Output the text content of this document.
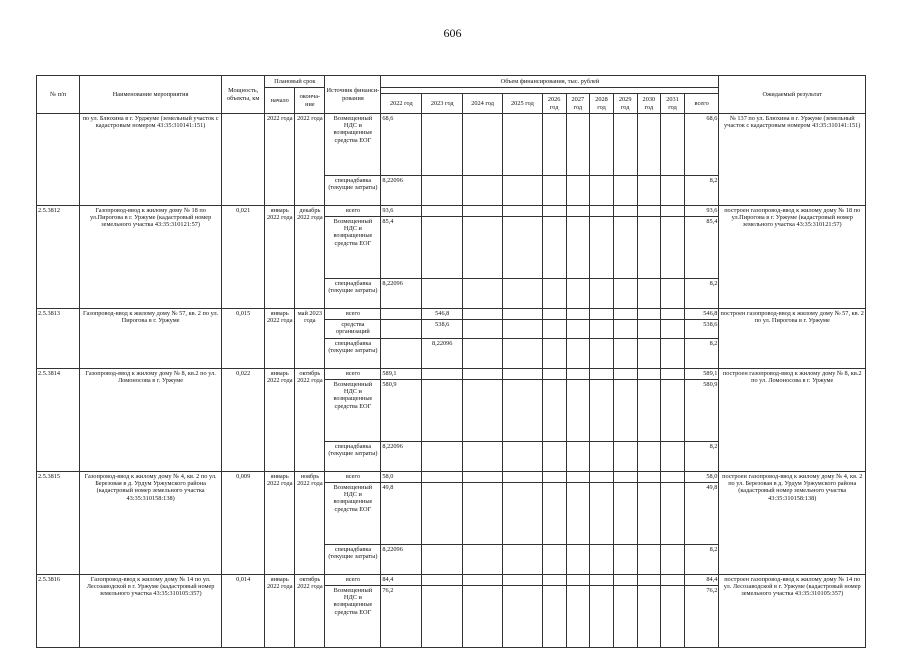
606
№ п/п	Наименование мероприятия	Мощность, объекты, км	Плановый срок		Источник финанси-рования	Объем финансирования, тыс. рублей											Ожидаемый результат
			начало	оконча-ние													
						2022 год	2023 год	2024 год	2025 год	2026 год	2027 год	2028 год	2029 год	2030 год	2031 год	всего	
	по ул. Блюхина в г. Урджуме (земельный участок с кадастровым номером 43:35:310141:151)		2022 года	2022 года	Возмещенный НДС и возвращенные средства ЕОГ	68,6										68,6	№ 137 по ул. Блюхина в г. Уржуме (земельный участок с кадастровым номером 43:35:310141:151)
					спецнадбавка (текущие затраты)	8,22096										8,2	
2.5.3812	Газопровод-ввод к жилому дому № 18 по ул.Пирогова в г. Уржуме (кадастровый номер земельного участка 43:35:310121:57)	0,021	январь 2022 года	декабрь 2022 года	всего	93,6										93,6	построен газопровод-ввод к жилому дому № 18 по ул.Пирогова в г. Уржуме (кадастровый номер земельного участка 43:35:310121:57)
					Возмещенный НДС и возвращенные средства ЕОГ	85,4										85,4	
					спецнадбавка (текущие затраты)	8,22096										8,2	
2.5.3813	Газопровод-ввод к жилому дому № 57, кв. 2 по ул. Пирогова в г. Уржуме	0,015	январь 2022 года	май 2023 года	всего		546,8									546,8	построен газопровод-ввод к жилому дому № 57, кв. 2 по ул. Пирогова в г. Уржуме
					средства организаций		538,6									538,6	
					спецнадбавка (текущие затраты)		8,22096									8,2	
2.5.3814	Газопровод-ввод к жилому дому № 8, кв.2 по ул. Ломоносова в г. Уржуме	0,022	январь 2022 года	октябрь 2022 года	всего	589,1										589,1	построен газопровод-ввод к жилому дому № 8, кв.2 по ул. Ломоносова в г. Уржуме
					Возмещенный НДС и возвращенные средства ЕОГ	580,9										580,9	
					спецнадбавка (текущие затраты)	8,22096										8,2	
2.5.3815	Газопровод-ввод к жилому дому № 4, кв. 2 по ул. Березовая в д. Урдум Уржумского района (кадастровый номер земельного участка 43:35:310158:138)	0,009	январь 2022 года	ноябрь 2022 года	всего	58,0										58,0	построен газопровод-ввод к жилому дому № 4, кв. 2 по ул. Березовая в д. Урдум Уржумского района (кадастровый номер земельного участка 43:35:310158:138)
					Возмещенный НДС и возвращенные средства ЕОГ	49,8										49,8	
					спецнадбавка (текущие затраты)	8,22096										8,2	
2.5.3816	Газопровод-ввод к жилому дому № 14 по ул. Лесозаводской в г. Уржуме (кадастровый номер земельного участка 43:35:310105:357)	0,014	январь 2022 года	октябрь 2022 года	всего	84,4										84,4	построен газопровод-ввод к жилому дому № 14 по ул. Лесозаводской в г. Уржуме (кадастровый номер земельного участка 43:35:310105:357)
					Возмещенный НДС и возвращенные средства ЕОГ	76,2										76,2	
